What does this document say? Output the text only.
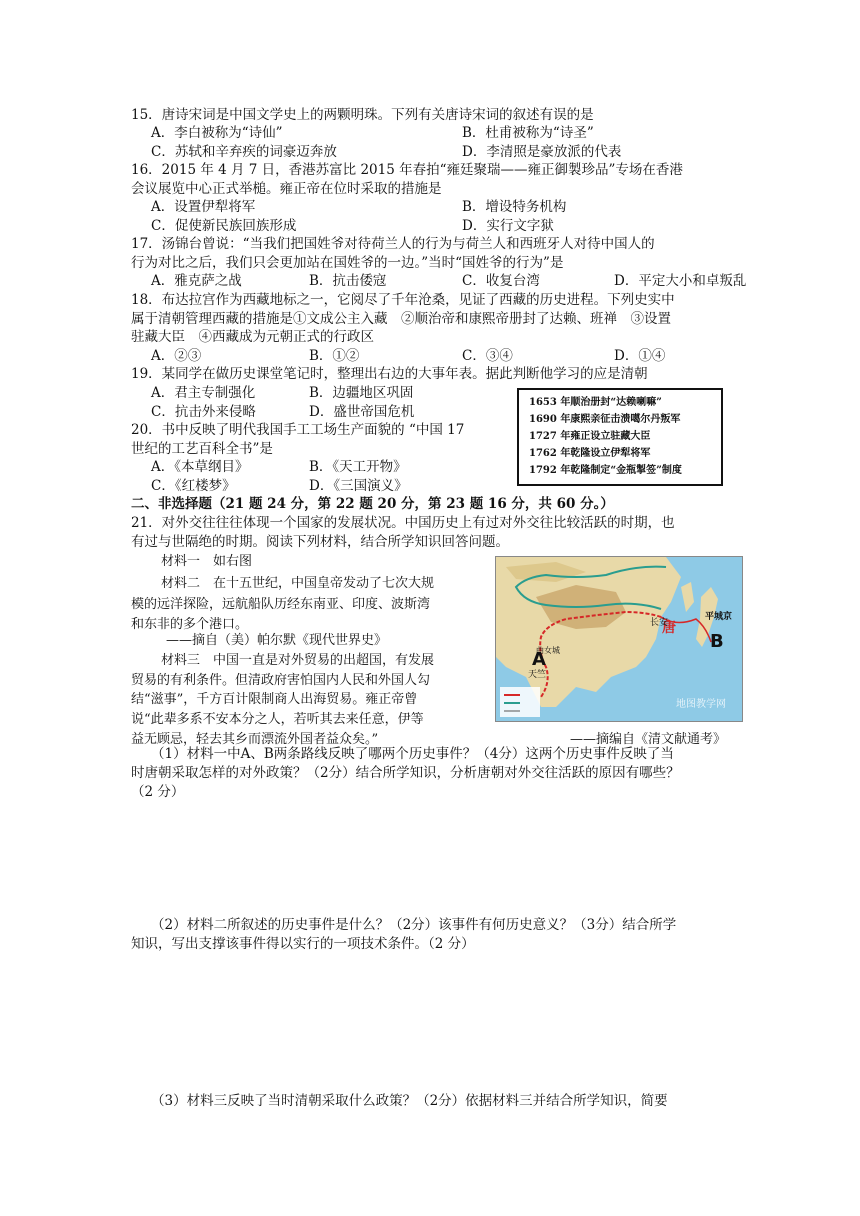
15．唐诗宋词是中国文学史上的两颗明珠。下列有关唐诗宋词的叙述有误的是
A．李白被称为“诗仙”	B．杜甫被称为“诗圣”
C．苏轼和辛弃疾的词豪迈奔放	D．李清照是豪放派的代表
16．2015 年 4 月 7 日，香港苏富比 2015 年春拍“雍廷聚瑞——雍正御製珍品”专场在香港
会议展览中心正式举槌。雍正帝在位时采取的措施是
A．设置伊犁将军	B．增设特务机构
C．促使新民族回族形成	D．实行文字狱
17．汤锦台曾说：“当我们把国姓爷对待荷兰人的行为与荷兰人和西班牙人对待中国人的
行为对比之后，我们只会更加站在国姓爷的一边。”当时“国姓爷的行为”是
A．雅克萨之战	B．抗击倭寇	C．收复台湾	D．平定大小和卓叛乱
18．布达拉宫作为西藏地标之一，它阅尽了千年沧桑，见证了西藏的历史进程。下列史实中
属于清朝管理西藏的措施是①文成公主入藏　②顺治帝和康熙帝册封了达赖、班禅　③设置
驻藏大臣　④西藏成为元朝正式的行政区
A．②③	B．①②	C．③④	D．①④
19．某同学在做历史课堂笔记时，整理出右边的大事年表。据此判断他学习的应是清朝
A．君主专制强化	B．边疆地区巩固
C．抗击外来侵略	D．盛世帝国危机
1653 年顺治册封“达赖喇嘛”
1690 年康熙亲征击溃噶尔丹叛军
1727 年雍正设立驻藏大臣
1762 年乾隆设立伊犁将军
1792 年乾隆制定“金瓶掣签”制度
20．书中反映了明代我国手工工场生产面貌的 “中国 17
世纪的工艺百科全书”是
A．《本草纲目》	B．《天工开物》
C．《红楼梦》	D．《三国演义》
二、非选择题（21 题 24 分，第 22 题 20 分，第 23 题 16 分，共 60 分。）
21．对外交往往往体现一个国家的发展状况。中国历史上有过对外交往比较活跃的时期，也
有过与世隔绝的时期。阅读下列材料，结合所学知识回答问题。
材料一　如右图
材料二　在十五世纪，中国皇帝发动了七次大规
模的远洋探险，远航船队历经东南亚、印度、波斯湾
和东非的多个港口。
——摘自（美）帕尔默《现代世界史》
材料三　中国一直是对外贸易的出超国，有发展
贸易的有利条件。但清政府害怕国内人民和外国人勾
结“滋事”，千方百计限制商人出海贸易。雍正帝曾
说“此辈多系不安本分之人，若听其去来任意，伊等
益无顾忌，轻去其乡而漂流外国者益众矣。”	——摘编自《清文献通考》
A
B
唐
长安
平城京
曲女城
天竺
地图教学网
（1）材料一中A、B两条路线反映了哪两个历史事件？（4分）这两个历史事件反映了当
时唐朝采取怎样的对外政策？（2分）结合所学知识，分析唐朝对外交往活跃的原因有哪些？
（2 分）
（2）材料二所叙述的历史事件是什么？（2分）该事件有何历史意义？（3分）结合所学
知识，写出支撑该事件得以实行的一项技术条件。（2 分）
（3）材料三反映了当时清朝采取什么政策？（2分）依据材料三并结合所学知识，简要
